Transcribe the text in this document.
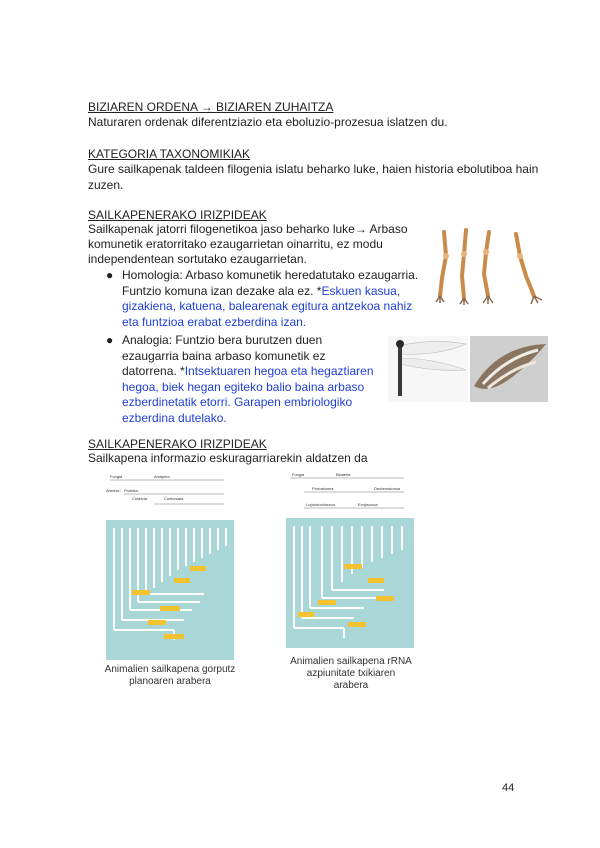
BIZIAREN ORDENA → BIZIAREN ZUHAITZA
Naturaren ordenak diferentziazio eta eboluzio-prozesua islatzen du.
KATEGORIA TAXONOMIKIAK
Gure sailkapenak taldeen filogenia islatu beharko luke, haien historia ebolutiboa hain zuzen.
SAILKAPENERAKO IRIZPIDEAK
Sailkapenak jatorri filogenetikoa jaso beharko luke→ Arbaso
komunetik eratorritako ezaugarrietan oinarritu, ez modu
independentean sortutako ezaugarrietan.
● Homologia: Arbaso komunetik heredatutako ezaugarria.
Funtzio komuna izan dezake ala ez. *Eskuen kasua,
gizakiena, katuena, balearenak egitura antzekoa nahiz
eta funtzioa erabat ezberdina izan.
● Analogia: Funtzio bera burutzen duen
ezaugarria baina arbaso komunetik ez
datorrena. *Intsektuaren hegoa eta hegaztiaren
hegoa, biek hegan egiteko balio baina arbaso
ezberdinetatik etorri. Garapen embriologiko
ezberdina dutelako.
SAILKAPENERAKO IRIZPIDEAK
Sailkapena informazio eskuragarriarekin aldatzen da
Fungia	Andiplea
Anemiz- Protista-
Cnidaria	Coelomata
Animalien sailkapena gorputz
planoaren arabera
Fungia	Bilateria
Protostomia	Deuterostomia
Lophotrochozoa	Ecdysozoa
Animalien sailkapena rRNA
azpiunitate txikiaren
arabera
44
